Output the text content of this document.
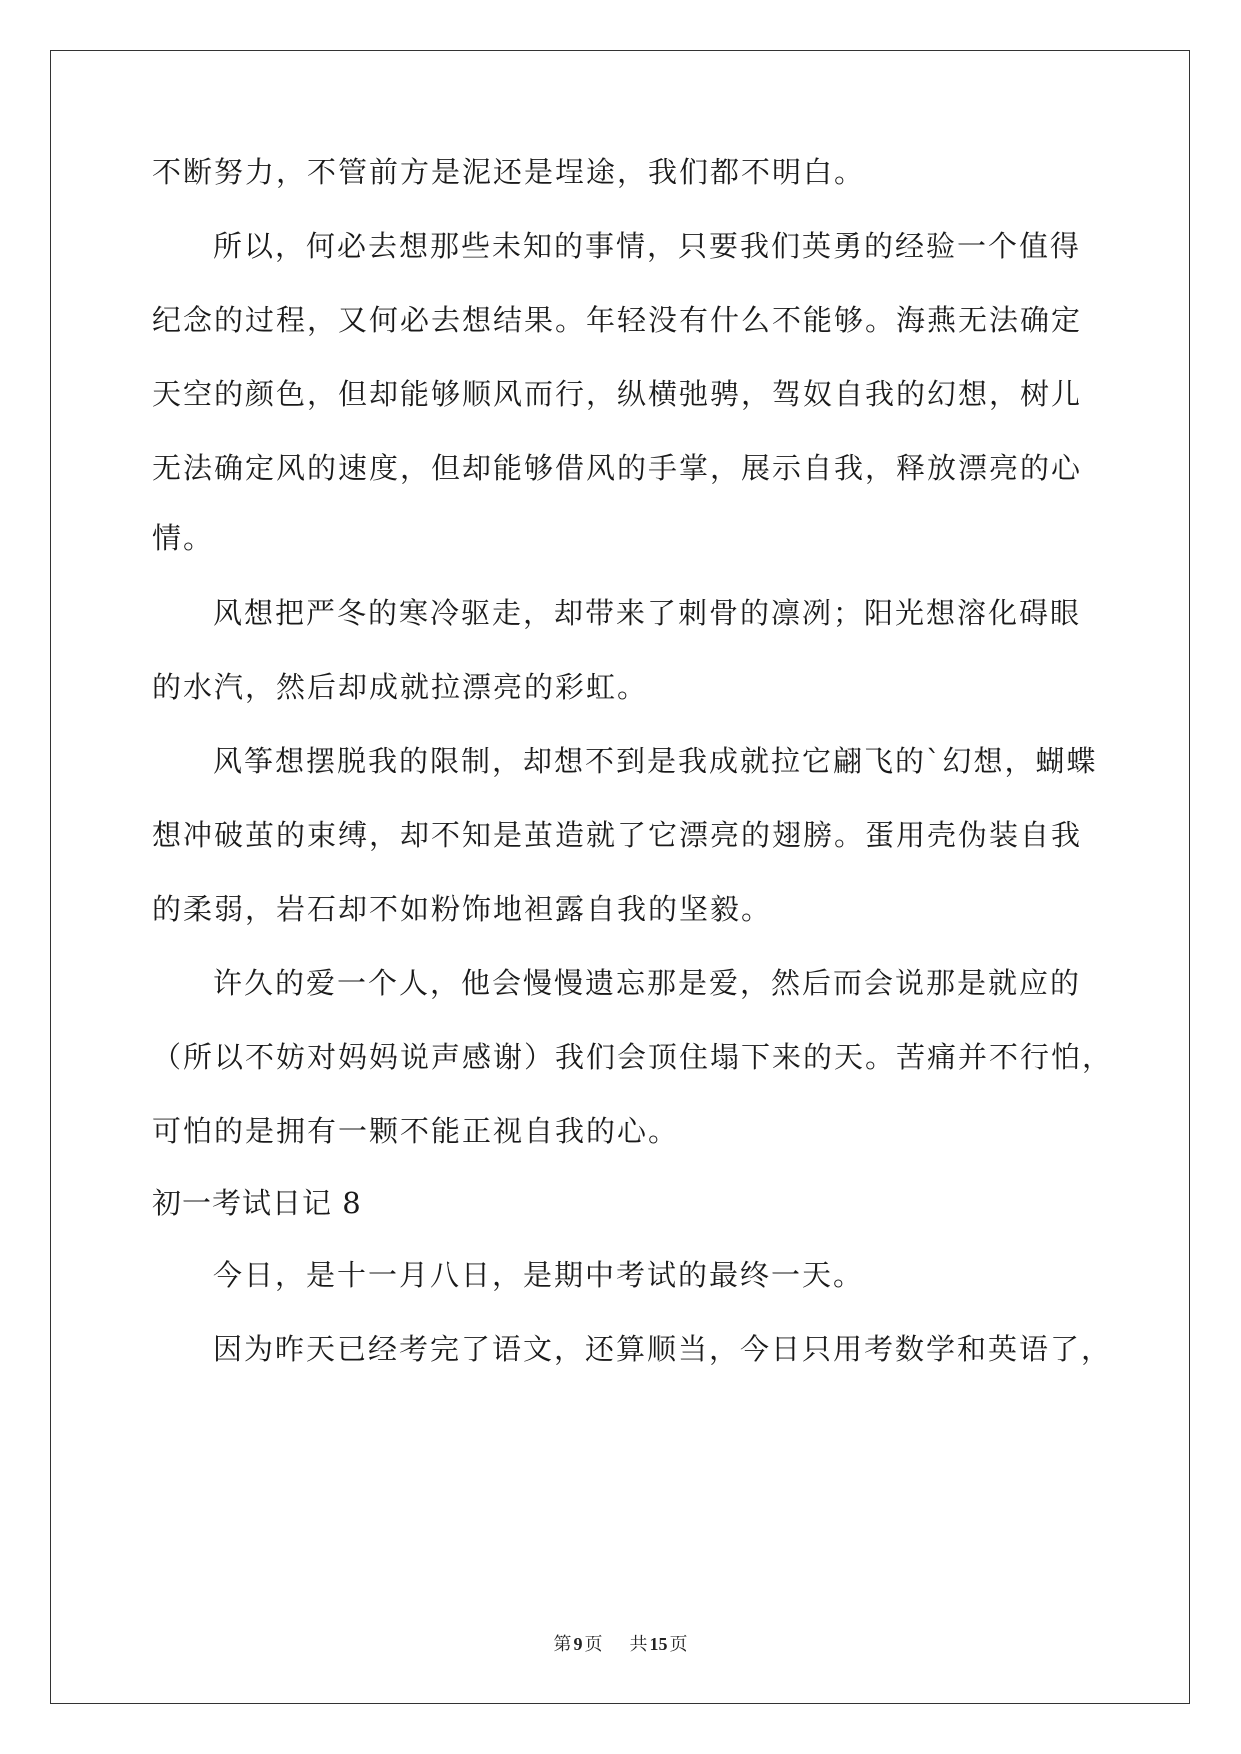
不断努力，不管前方是泥还是埕途，我们都不明白。
所以，何必去想那些未知的事情，只要我们英勇的经验一个值得
纪念的过程，又何必去想结果。年轻没有什么不能够。海燕无法确定
天空的颜色，但却能够顺风而行，纵横弛骋，驾奴自我的幻想，树儿
无法确定风的速度，但却能够借风的手掌，展示自我，释放漂亮的心
情。
风想把严冬的寒冷驱走，却带来了刺骨的凛冽；阳光想溶化碍眼
的水汽，然后却成就拉漂亮的彩虹。
风筝想摆脱我的限制，却想不到是我成就拉它翩飞的`幻想，蝴蝶
想冲破茧的束缚，却不知是茧造就了它漂亮的翅膀。蛋用壳伪装自我
的柔弱，岩石却不如粉饰地袒露自我的坚毅。
许久的爱一个人，他会慢慢遗忘那是爱，然后而会说那是就应的
（所以不妨对妈妈说声感谢）我们会顶住塌下来的天。苦痛并不行怕，
可怕的是拥有一颗不能正视自我的心。
初一考试日记 8
今日，是十一月八日，是期中考试的最终一天。
因为昨天已经考完了语文，还算顺当，今日只用考数学和英语了，
第 9 页 共 15 页
